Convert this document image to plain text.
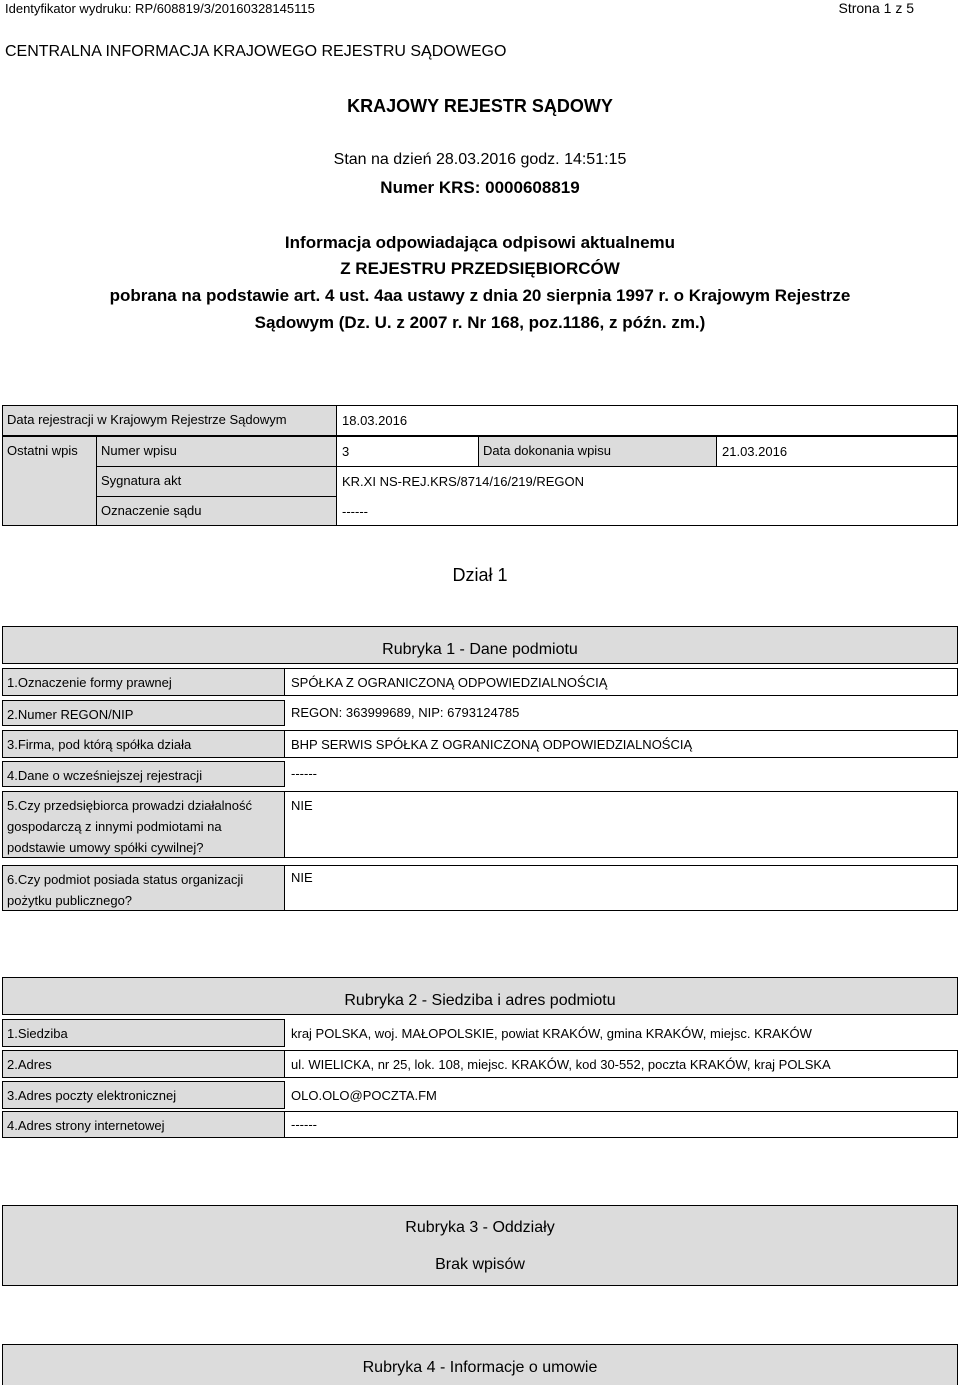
Identyfikator wydruku: RP/608819/3/20160328145115	Strona 1 z 5
CENTRALNA INFORMACJA KRAJOWEGO REJESTRU SĄDOWEGO
KRAJOWY REJESTR SĄDOWY
Stan na dzień 28.03.2016 godz. 14:51:15
Numer KRS: 0000608819
Informacja odpowiadająca odpisowi aktualnemu
Z REJESTRU PRZEDSIĘBIORCÓW
pobrana na podstawie art. 4 ust. 4aa ustawy z dnia 20 sierpnia 1997 r. o Krajowym Rejestrze
Sądowym (Dz. U. z 2007 r. Nr 168, poz.1186, z późn. zm.)
Data rejestracji w Krajowym Rejestrze Sądowym	18.03.2016
Ostatni wpis	Numer wpisu	3	Data dokonania wpisu	21.03.2016
Sygnatura akt	KR.XI NS-REJ.KRS/8714/16/219/REGON
Oznaczenie sądu	------
Dział 1
Rubryka 1 - Dane podmiotu
1.Oznaczenie formy prawnej	SPÓŁKA Z OGRANICZONĄ ODPOWIEDZIALNOŚCIĄ
2.Numer REGON/NIP	REGON: 363999689, NIP: 6793124785
3.Firma, pod którą spółka działa	BHP SERWIS SPÓŁKA Z OGRANICZONĄ ODPOWIEDZIALNOŚCIĄ
4.Dane o wcześniejszej rejestracji	------
5.Czy przedsiębiorca prowadzi działalność gospodarczą z innymi podmiotami na podstawie umowy spółki cywilnej?
NIE
6.Czy podmiot posiada status organizacji pożytku publicznego?
NIE
Rubryka 2 - Siedziba i adres podmiotu
1.Siedziba	kraj POLSKA, woj. MAŁOPOLSKIE, powiat KRAKÓW, gmina KRAKÓW, miejsc. KRAKÓW
2.Adres	ul. WIELICKA, nr 25, lok. 108, miejsc. KRAKÓW, kod 30-552, poczta KRAKÓW, kraj POLSKA
3.Adres poczty elektronicznej	OLO.OLO@POCZTA.FM
4.Adres strony internetowej	------
Rubryka 3 - Oddziały
Brak wpisów
Rubryka 4 - Informacje o umowie
